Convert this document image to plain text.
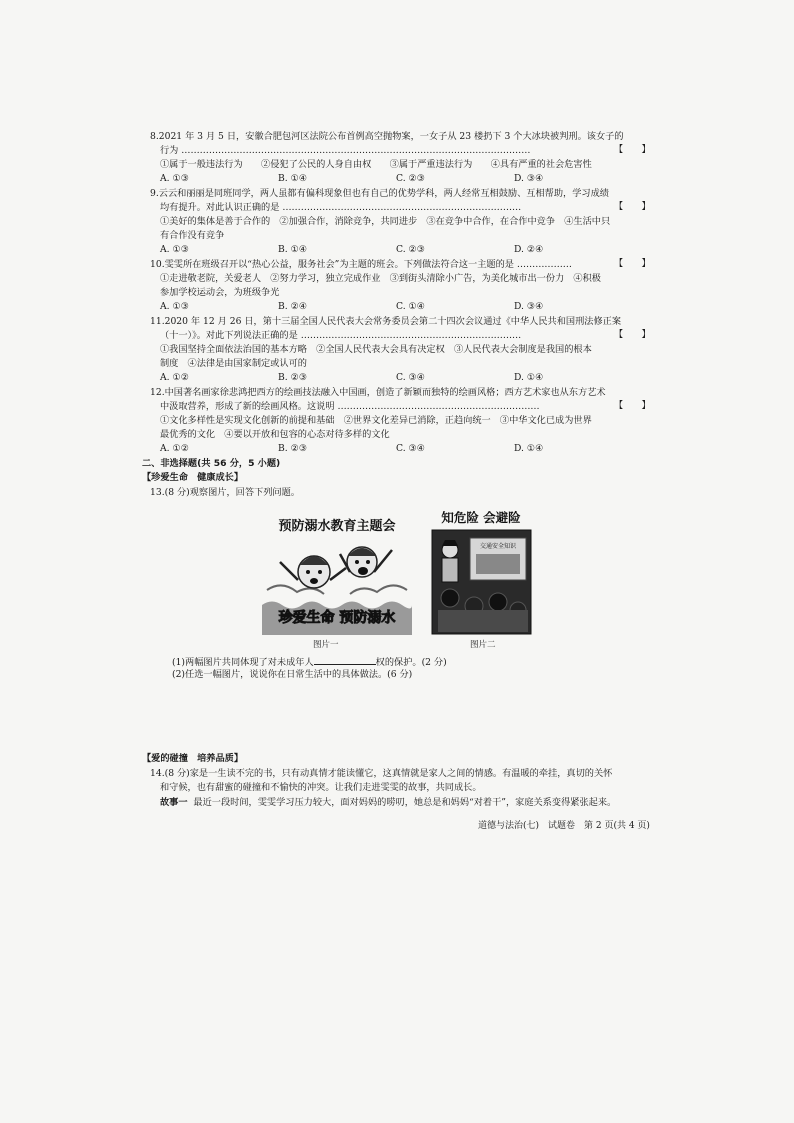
8.2021 年 3 月 5 日，安徽合肥包河区法院公布首例高空抛物案，一女子从 23 楼扔下 3 个大冰块被判刑。该女子的
行为 ……………………………………………………………………………………………………	【　　】
①属于一般违法行为　　②侵犯了公民的人身自由权　　③属于严重违法行为　　④具有严重的社会危害性
A. ①③	B. ①④	C. ②③	D. ③④
9.云云和丽丽是同班同学，两人虽都有偏科现象但也有自己的优势学科，两人经常互相鼓励、互相帮助，学习成绩
均有提升。对此认识正确的是 ……………………………………………………………………	【　　】
①美好的集体是善于合作的　②加强合作，消除竞争，共同进步　③在竞争中合作，在合作中竞争　④生活中只
有合作没有竞争
A. ①③	B. ①④	C. ②③	D. ②④
10.雯雯所在班级召开以“热心公益，服务社会”为主题的班会。下列做法符合这一主题的是 ………………	【　　】
①走进敬老院，关爱老人　②努力学习，独立完成作业　③到街头清除小广告，为美化城市出一份力　④积极
参加学校运动会，为班级争光
A. ①③	B. ②④	C. ①④	D. ③④
11.2020 年 12 月 26 日，第十三届全国人民代表大会常务委员会第二十四次会议通过《中华人民共和国刑法修正案
（十一）》。对此下列说法正确的是 ………………………………………………………………	【　　】
①我国坚持全面依法治国的基本方略　②全国人民代表大会具有决定权　③人民代表大会制度是我国的根本
制度　④法律是由国家制定或认可的
A. ①②	B. ②③	C. ③④	D. ①④
12.中国著名画家徐悲鸿把西方的绘画技法融入中国画，创造了新颖而独特的绘画风格；西方艺术家也从东方艺术
中汲取营养，形成了新的绘画风格。这说明 …………………………………………………………	【　　】
①文化多样性是实现文化创新的前提和基础　②世界文化差异已消除，正趋向统一　③中华文化已成为世界
最优秀的文化　④要以开放和包容的心态对待多样的文化
A. ①②	B. ②③	C. ③④	D. ①④
二、非选择题(共 56 分，5 小题)
【珍爱生命　健康成长】
13.(8 分)观察图片，回答下列问题。
预防溺水教育主题会
珍爱生命 预防溺水
图片一
知危险 会避险
交通安全知识
图片二
(1)两幅图片共同体现了对未成年人	权的保护。(2 分)
(2)任选一幅图片，说说你在日常生活中的具体做法。(6 分)
【爱的碰撞　培养品质】
14.(8 分)家是一生读不完的书，只有动真情才能读懂它，这真情就是家人之间的情感。有温暖的牵挂，真切的关怀
和守候，也有甜蜜的碰撞和不愉快的冲突。让我们走进雯雯的故事，共同成长。
故事一 最近一段时间，雯雯学习压力较大，面对妈妈的唠叨，她总是和妈妈“对着干”，家庭关系变得紧张起来。
道德与法治(七)　试题卷　第 2 页(共 4 页)
